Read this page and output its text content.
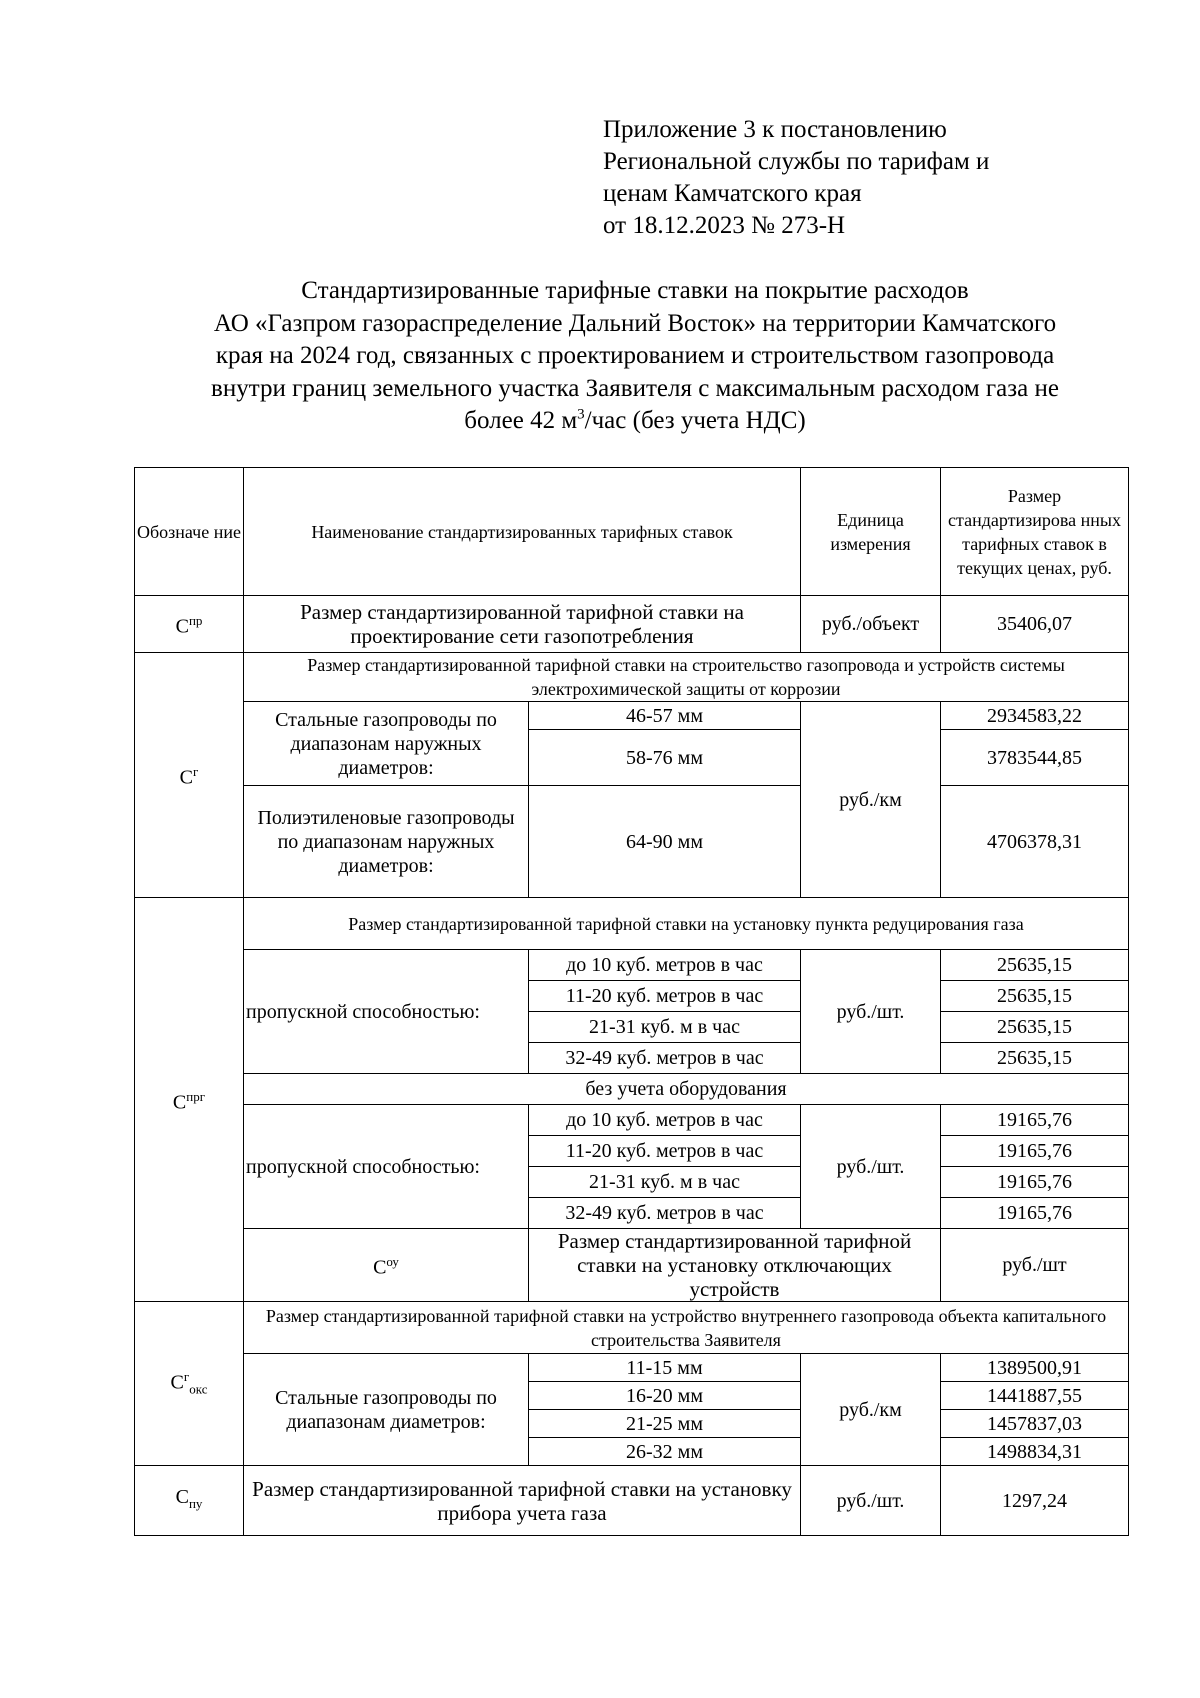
Приложение 3 к постановлению
Региональной службы по тарифам и
ценам Камчатского края
от 18.12.2023 № 273-Н
Стандартизированные тарифные ставки на покрытие расходов
АО «Газпром газораспределение Дальний Восток» на территории Камчатского
края на 2024 год, связанных с проектированием и строительством газопровода
внутри границ земельного участка Заявителя с максимальным расходом газа не
более 42 $м^3$/час (без учета НДС)
Обозначе ние	Наименование стандартизированных тарифных ставок		Единица измерения	Размер стандартизирова нных тарифных ставок в текущих ценах, руб.	
$С^{пр}$	Размер стандартизированной тарифной ставки на проектирование сети газопотребления		руб./объект	35406,07	
$С^г$	Размер стандартизированной тарифной ставки на строительство газопровода и устройств системы электрохимической защиты от коррозии				
	Стальные газопроводы по диапазонам наружных диаметров:	46-57 мм	руб./км	2934583,22	
		58-76 мм		3783544,85	
	Полиэтиленовые газопроводы по диапазонам наружных диаметров:	64-90 мм		4706378,31	
$С^{прг}$	Размер стандартизированной тарифной ставки на установку пункта редуцирования газа				
	пропускной способностью:	до 10 куб. метров в час	руб./шт.	25635,15	
		11-20 куб. метров в час		25635,15	
		21-31 куб. м в час		25635,15	
		32-49 куб. метров в час		25635,15	
	без учета оборудования				
	пропускной способностью:	до 10 куб. метров в час	руб./шт.	19165,76	
		11-20 куб. метров в час		19165,76	
		21-31 куб. м в час		19165,76	
		32-49 куб. метров в час		19165,76	
	$С^{оу}$	Размер стандартизированной тарифной ставки на установку отключающих устройств		руб./шт	
$С^г_{окс}$	Размер стандартизированной тарифной ставки на устройство внутреннего газопровода объекта капитального строительства Заявителя				
	Стальные газопроводы по диапазонам диаметров:	11-15 мм	руб./км	1389500,91	
		16-20 мм		1441887,55	
		21-25 мм		1457837,03	
		26-32 мм		1498834,31	
$С_{пу}$	Размер стандартизированной тарифной ставки на установку прибора учета газа		руб./шт.	1297,24	
